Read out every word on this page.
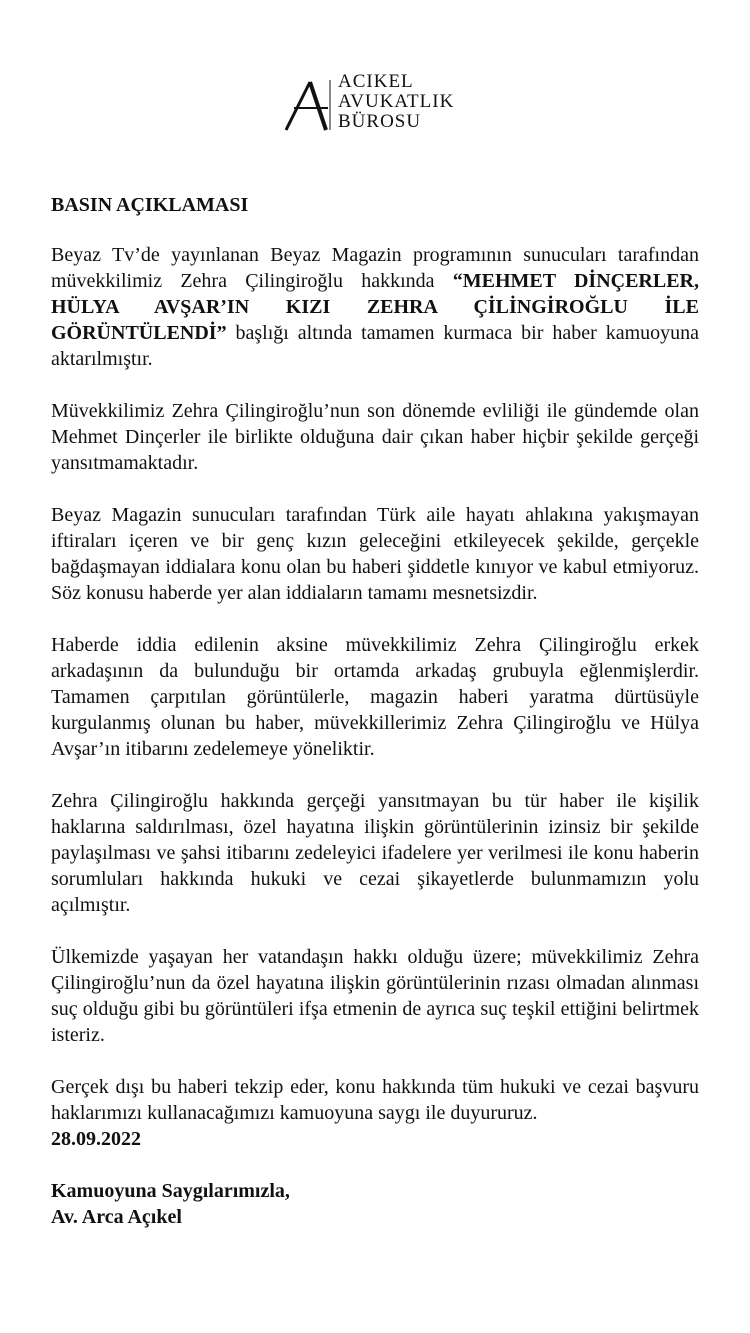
ACIKEL
AVUKATLIK
BÜROSU
BASIN AÇIKLAMASI

Beyaz Tv’de yayınlanan Beyaz Magazin programının sunucuları tarafından müvekkilimiz Zehra Çilingiroğlu hakkında “MEHMET DİNÇERLER, HÜLYA AVŞAR’IN KIZI ZEHRA ÇİLİNGİROĞLU İLE GÖRÜNTÜLENDİ” başlığı altında tamamen kurmaca bir haber kamuoyuna aktarılmıştır.

Müvekkilimiz Zehra Çilingiroğlu’nun son dönemde evliliği ile gündemde olan Mehmet Dinçerler ile birlikte olduğuna dair çıkan haber hiçbir şekilde gerçeği yansıtmamaktadır.

Beyaz Magazin sunucuları tarafından Türk aile hayatı ahlakına yakışmayan iftiraları içeren ve bir genç kızın geleceğini etkileyecek şekilde, gerçekle bağdaşmayan iddialara konu olan bu haberi şiddetle kınıyor ve kabul etmiyoruz. Söz konusu haberde yer alan iddiaların tamamı mesnetsizdir.

Haberde iddia edilenin aksine müvekkilimiz Zehra Çilingiroğlu erkek arkadaşının da bulunduğu bir ortamda arkadaş grubuyla eğlenmişlerdir. Tamamen çarpıtılan görüntülerle, magazin haberi yaratma dürtüsüyle kurgulanmış olunan bu haber, müvekkillerimiz Zehra Çilingiroğlu ve Hülya Avşar’ın itibarını zedelemeye yöneliktir.

Zehra Çilingiroğlu hakkında gerçeği yansıtmayan bu tür haber ile kişilik haklarına saldırılması, özel hayatına ilişkin görüntülerinin izinsiz bir şekilde paylaşılması ve şahsi itibarını zedeleyici ifadelere yer verilmesi ile konu haberin sorumluları hakkında hukuki ve cezai şikayetlerde bulunmamızın yolu açılmıştır.

Ülkemizde yaşayan her vatandaşın hakkı olduğu üzere; müvekkilimiz Zehra Çilingiroğlu’nun da özel hayatına ilişkin görüntülerinin rızası olmadan alınması suç olduğu gibi bu görüntüleri ifşa etmenin de ayrıca suç teşkil ettiğini belirtmek isteriz.

Gerçek dışı bu haberi tekzip eder, konu hakkında tüm hukuki ve cezai başvuru haklarımızı kullanacağımızı kamuoyuna saygı ile duyururuz.
28.09.2022

Kamuoyuna Saygılarımızla,
Av. Arca Açıkel
